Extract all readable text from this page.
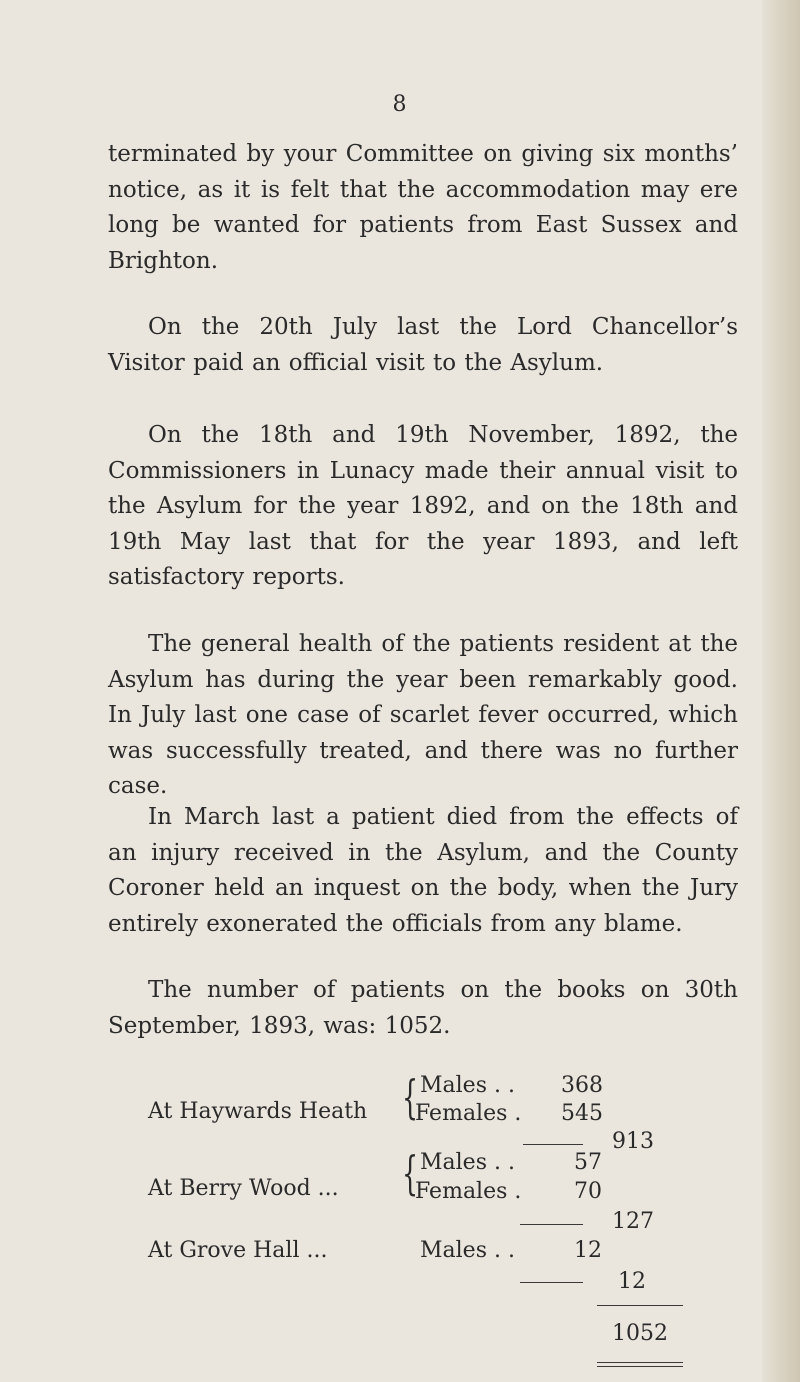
8

terminated by your Committee on giving six months’ notice, as it is felt that the accommodation may ere long be wanted for patients from East Sussex and Brighton.

On the 20th July last the Lord Chancellor’s Visitor paid an official visit to the Asylum.

On the 18th and 19th November, 1892, the Commissioners in Lunacy made their annual visit to the Asylum for the year 1892, and on the 18th and 19th May last that for the year 1893, and left satisfactory reports.

The general health of the patients resident at the Asylum has during the year been remarkably good. In July last one case of scarlet fever occurred, which was successfully treated, and there was no further case.

In March last a patient died from the effects of an injury received in the Asylum, and the County Coroner held an inquest on the body, when the Jury entirely exonerated the officials from any blame.

The number of patients on the books on 30th September, 1893, was: 1052.

At Haywards Heath { Males . . 368
Females . 545
913
At Berry Wood ... { Males . .	57
Females . 70
127
At Grove Hall ...	Males . .	12
12
1052
